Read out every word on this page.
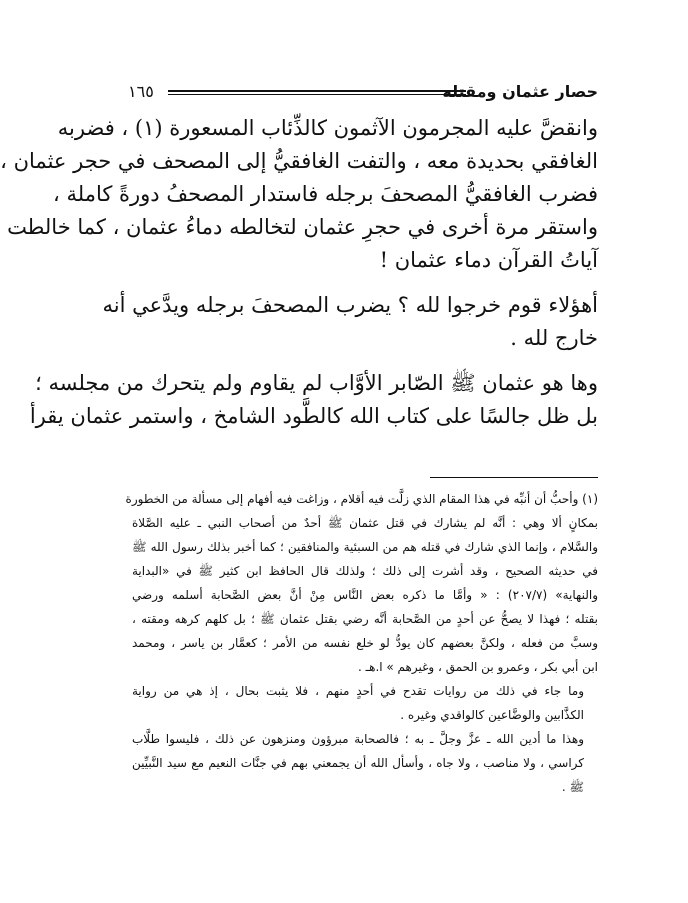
حصار عثمان ومقتله
١٦٥

وانقضَّ عليه المجرمون الآثمون كالذِّئاب المسعورة (١) ، فضربه
الغافقي بحديدة معه ، والتفت الغافقيُّ إلى المصحف في حجر عثمان ،
فضرب الغافقيُّ المصحفَ برجله فاستدار المصحفُ دورةً كاملة ،
واستقر مرة أخرى في حجرِ عثمان لتخالطه دماءُ عثمان ، كما خالطت
آياتُ القرآن دماء عثمان !

أهؤلاء قوم خرجوا لله ؟ يضرب المصحفَ برجله ويدَّعي أنه
خارج لله .

وها هو عثمان ﷺ الصّابر الأوَّاب لم يقاوم ولم يتحرك من مجلسه ؛
بل ظل جالسًا على كتاب الله كالطَّود الشامخ ، واستمر عثمان يقرأ

(١) وأحبُّ أن أنبِّه في هذا المقام الذي زلَّت فيه أقلام ، وزاغت فيه أفهام إلى مسألة من الخطورة
بمكانٍ ألا وهي : أنَّه لم يشارك في قتل عثمان ﷺ أحدٌ من أصحاب النبي ـ عليه الصَّلاة
والسَّلام ، وإنما الذي شارك في قتله هم من السبئية والمنافقين ؛ كما أخبر بذلك رسول الله ﷺ
في حديثه الصحيح ، وقد أشرت إلى ذلك ؛ ولذلك قال الحافظ ابن كثير ﷺ في «البداية
والنهاية» (٢٠٧/٧) : « وأمَّا ما ذكره بعض النَّاس مِنْ أنَّ بعض الصَّحابة أسلمه ورضي
بقتله ؛ فهذا لا يصحُّ عن أحدٍ من الصَّحابة أنَّه رضي بقتل عثمان ﷺ ؛ بل كلهم كرهه ومقته ،
وسبَّ من فعله ، ولكنَّ بعضهم كان يودُّ لو خلع نفسه من الأمر ؛ كعمَّار بن ياسر ، ومحمد
ابن أبي بكر ، وعمرو بن الحمق ، وغيرهم » ا.هـ .

وما جاء في ذلك من روايات تقدح في أحدٍ منهم ، فلا يثبت بحال ، إذ هي من رواية
الكذَّابين والوضَّاعين كالواقدي وغيره .

وهذا ما أدين الله ـ عزَّ وجلَّ ـ به ؛ فالصحابة مبرؤون ومنزهون عن ذلك ، فليسوا طلَّاب
كراسي ، ولا مناصب ، ولا جاه ، وأسأل الله أن يجمعني بهم في جنَّات النعيم مع سيد النَّبيِّين
ﷺ .
